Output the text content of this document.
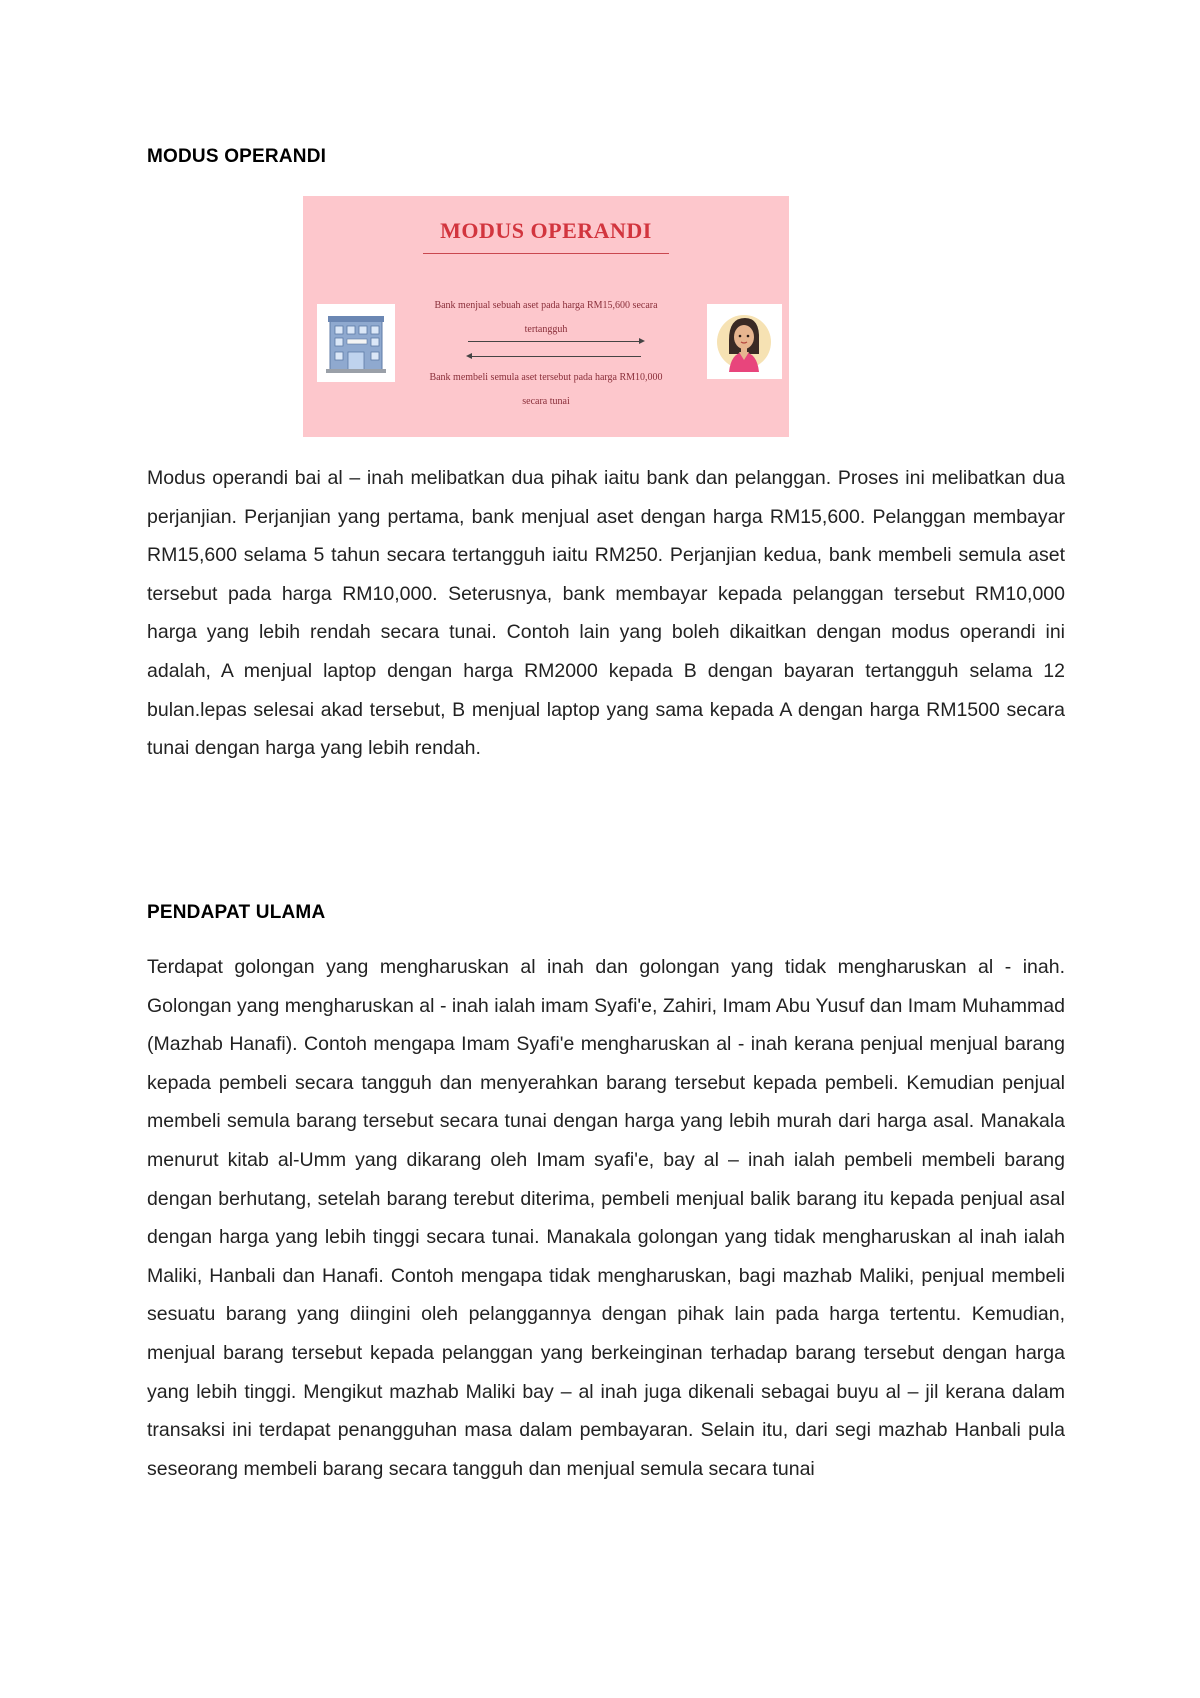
MODUS OPERANDI
MODUS OPERANDI
Bank menjual sebuah aset pada harga RM15,600 secara tertangguh
Bank membeli semula aset tersebut pada harga RM10,000 secara tunai
Modus operandi bai al – inah melibatkan dua pihak iaitu bank dan pelanggan. Proses ini melibatkan dua perjanjian. Perjanjian yang pertama, bank menjual aset dengan harga RM15,600. Pelanggan membayar RM15,600 selama 5 tahun secara tertangguh iaitu RM250. Perjanjian kedua, bank membeli semula aset tersebut pada harga RM10,000. Seterusnya, bank membayar kepada pelanggan tersebut RM10,000 harga yang lebih rendah secara tunai. Contoh lain yang boleh dikaitkan dengan modus operandi ini adalah, A menjual laptop dengan harga RM2000 kepada B dengan bayaran tertangguh selama 12 bulan.lepas selesai akad tersebut, B menjual laptop yang sama kepada A dengan harga RM1500 secara tunai dengan harga yang lebih rendah.
PENDAPAT ULAMA
Terdapat golongan yang mengharuskan al inah dan golongan yang tidak mengharuskan al - inah. Golongan yang mengharuskan al - inah ialah imam Syafi'e, Zahiri, Imam Abu Yusuf dan Imam Muhammad (Mazhab Hanafi). Contoh mengapa Imam Syafi'e mengharuskan al - inah kerana penjual menjual barang kepada pembeli secara tangguh dan menyerahkan barang tersebut kepada pembeli. Kemudian penjual membeli semula barang tersebut secara tunai dengan harga yang lebih murah dari harga asal. Manakala menurut kitab al-Umm yang dikarang oleh Imam syafi'e, bay al – inah ialah pembeli membeli barang dengan berhutang, setelah barang terebut diterima, pembeli menjual balik barang itu kepada penjual asal dengan harga yang lebih tinggi secara tunai. Manakala golongan yang tidak mengharuskan al inah ialah Maliki, Hanbali dan Hanafi. Contoh mengapa tidak mengharuskan, bagi mazhab Maliki, penjual membeli sesuatu barang yang diingini oleh pelanggannya dengan pihak lain pada harga tertentu. Kemudian, menjual barang tersebut kepada pelanggan yang berkeinginan terhadap barang tersebut dengan harga yang lebih tinggi. Mengikut mazhab Maliki bay – al inah juga dikenali sebagai buyu al – jil kerana dalam transaksi ini terdapat penangguhan masa dalam pembayaran. Selain itu, dari segi mazhab Hanbali pula seseorang membeli barang secara tangguh dan menjual semula secara tunai
